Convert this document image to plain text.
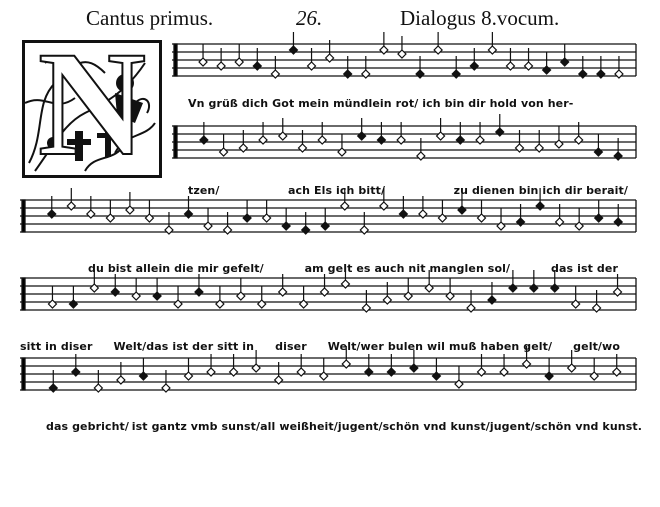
Cantus primus.	26.	Dialogus 8.vocum.
N	Vn grüß dich Got mein mündlein rot/ ich bin dir hold von her-
tzen/	ach Els ich bitt/	zu dienen bin ich dir berait/
du bist allein die mir gefelt/	am gelt es auch nit manglen sol/	das ist der
sitt in diser Welt/das ist der sitt in diser Welt/wer bulen wil muß haben gelt/ gelt/wo
das gebricht/ ist gantz vmb sunst/all weißheit/jugent/schön vnd kunst/jugent/schön vnd kunst.
